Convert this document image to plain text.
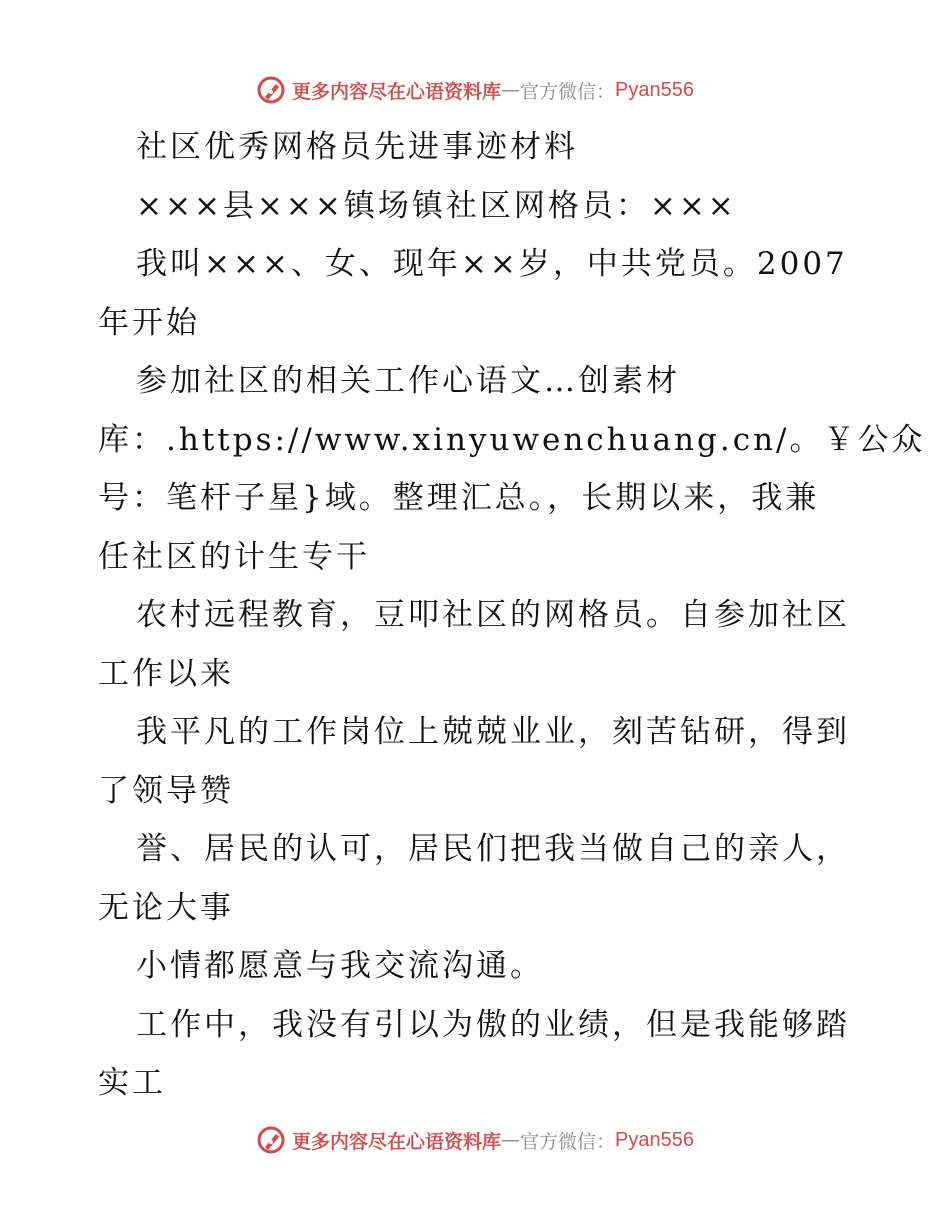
更多内容尽在心语资料库 — 官方微信： Pyan556
社区优秀网格员先进事迹材料
×××县×××镇场镇社区网格员：×××
我叫×××、女、现年××岁，中共党员。2007
年开始
参加社区的相关工作心语文…创素材
库：.https://www.xinyuwenchuang.cn/。￥公众
号：笔杆子星}域。整理汇总。，长期以来，我兼
任社区的计生专干
农村远程教育，豆叩社区的网格员。自参加社区
工作以来
我平凡的工作岗位上兢兢业业，刻苦钻研，得到
了领导赞
誉、居民的认可，居民们把我当做自己的亲人，
无论大事
小情都愿意与我交流沟通。
工作中，我没有引以为傲的业绩，但是我能够踏
实工
更多内容尽在心语资料库 — 官方微信： Pyan556
